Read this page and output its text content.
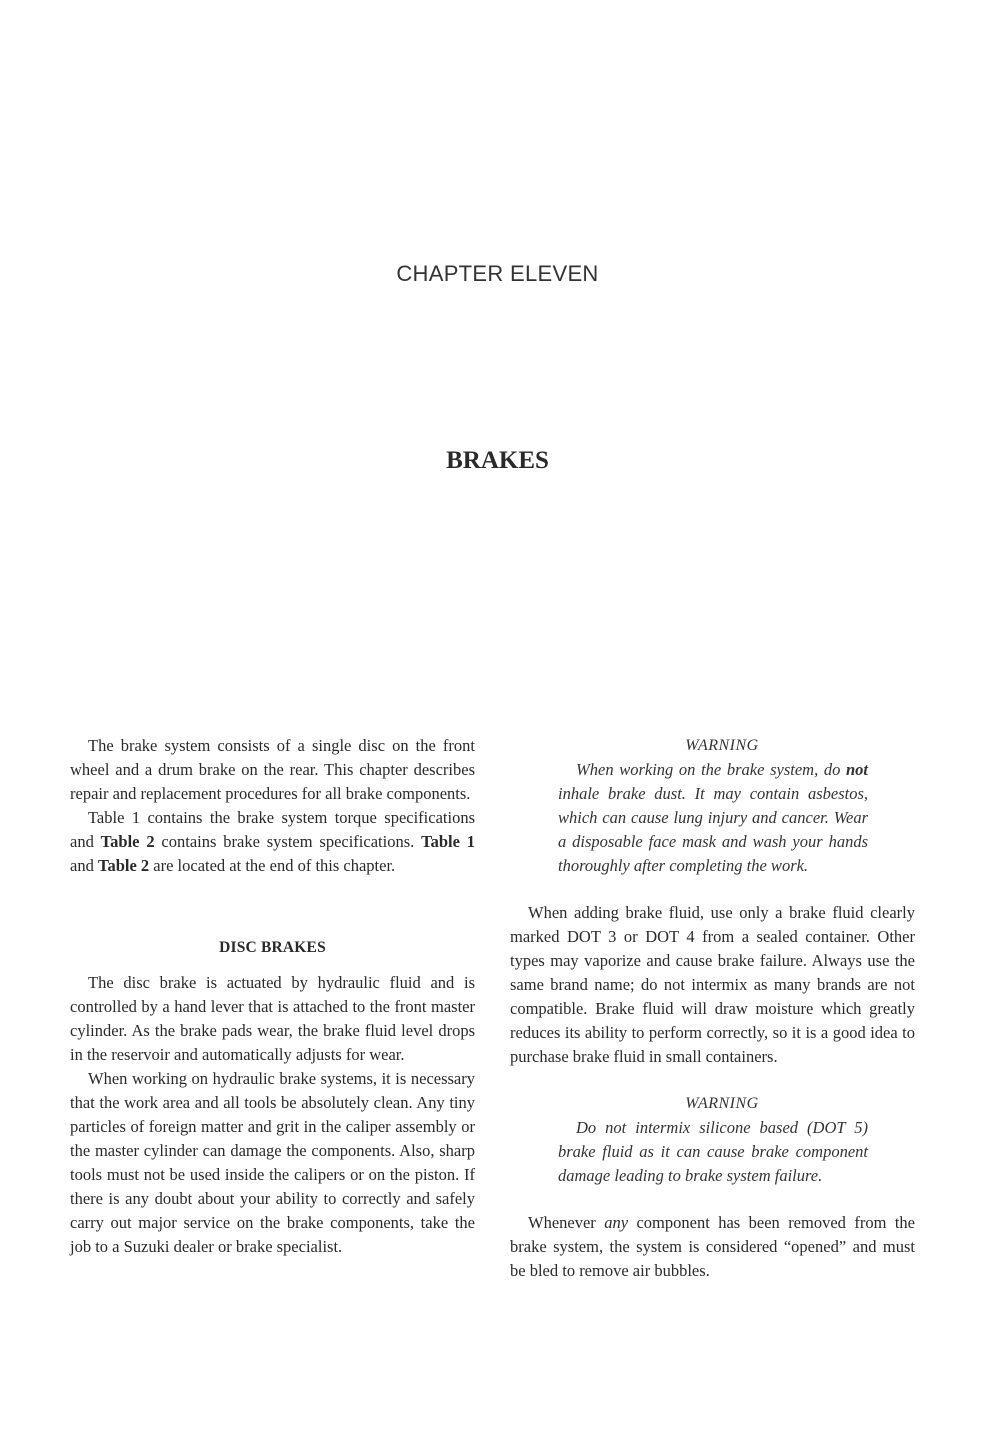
CHAPTER ELEVEN
BRAKES

The brake system consists of a single disc on the front wheel and a drum brake on the rear. This chapter describes repair and replacement procedures for all brake components.

Table 1 contains the brake system torque specifications and Table 2 contains brake system specifications. Table 1 and Table 2 are located at the end of this chapter.

DISC BRAKES

The disc brake is actuated by hydraulic fluid and is controlled by a hand lever that is attached to the front master cylinder. As the brake pads wear, the brake fluid level drops in the reservoir and automatically adjusts for wear.

When working on hydraulic brake systems, it is necessary that the work area and all tools be absolutely clean. Any tiny particles of foreign matter and grit in the caliper assembly or the master cylinder can damage the components. Also, sharp tools must not be used inside the calipers or on the piston. If there is any doubt about your ability to correctly and safely carry out major service on the brake components, take the job to a Suzuki dealer or brake specialist.

WARNING

When working on the brake system, do not inhale brake dust. It may contain asbestos, which can cause lung injury and cancer. Wear a disposable face mask and wash your hands thoroughly after completing the work.

When adding brake fluid, use only a brake fluid clearly marked DOT 3 or DOT 4 from a sealed container. Other types may vaporize and cause brake failure. Always use the same brand name; do not intermix as many brands are not compatible. Brake fluid will draw moisture which greatly reduces its ability to perform correctly, so it is a good idea to purchase brake fluid in small containers.

WARNING

Do not intermix silicone based (DOT 5) brake fluid as it can cause brake component damage leading to brake system failure.

Whenever any component has been removed from the brake system, the system is considered “opened” and must be bled to remove air bubbles.
